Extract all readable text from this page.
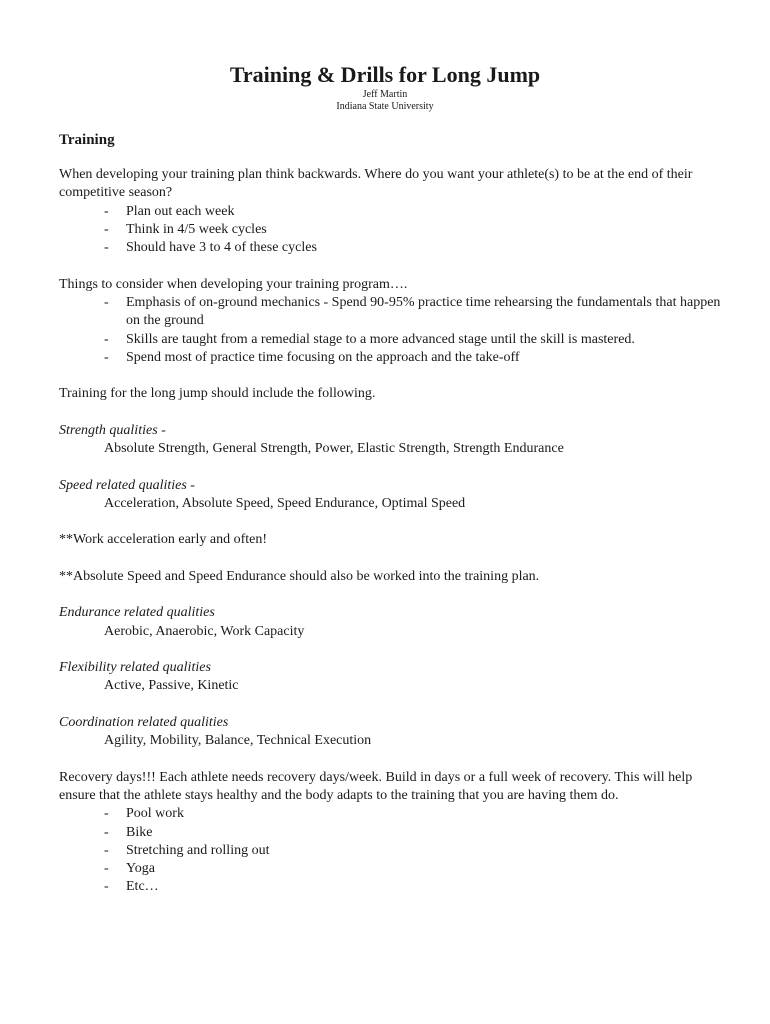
Training & Drills for Long Jump
Jeff Martin
Indiana State University
Training

When developing your training plan think backwards. Where do you want your athlete(s) to be at the end of their competitive season?

- Plan out each week
- Think in 4/5 week cycles
- Should have 3 to 4 of these cycles

Things to consider when developing your training program….

- Emphasis of on-ground mechanics - Spend 90-95% practice time rehearsing the fundamentals that happen on the ground
- Skills are taught from a remedial stage to a more advanced stage until the skill is mastered.
- Spend most of practice time focusing on the approach and the take-off

Training for the long jump should include the following.

Strength qualities -

Absolute Strength, General Strength, Power, Elastic Strength, Strength Endurance

Speed related qualities -

Acceleration, Absolute Speed, Speed Endurance, Optimal Speed

**Work acceleration early and often!

**Absolute Speed and Speed Endurance should also be worked into the training plan.

Endurance related qualities

Aerobic, Anaerobic, Work Capacity

Flexibility related qualities

Active, Passive, Kinetic

Coordination related qualities

Agility, Mobility, Balance, Technical Execution

Recovery days!!! Each athlete needs recovery days/week. Build in days or a full week of recovery. This will help ensure that the athlete stays healthy and the body adapts to the training that you are having them do.

- Pool work
- Bike
- Stretching and rolling out
- Yoga
- Etc…
